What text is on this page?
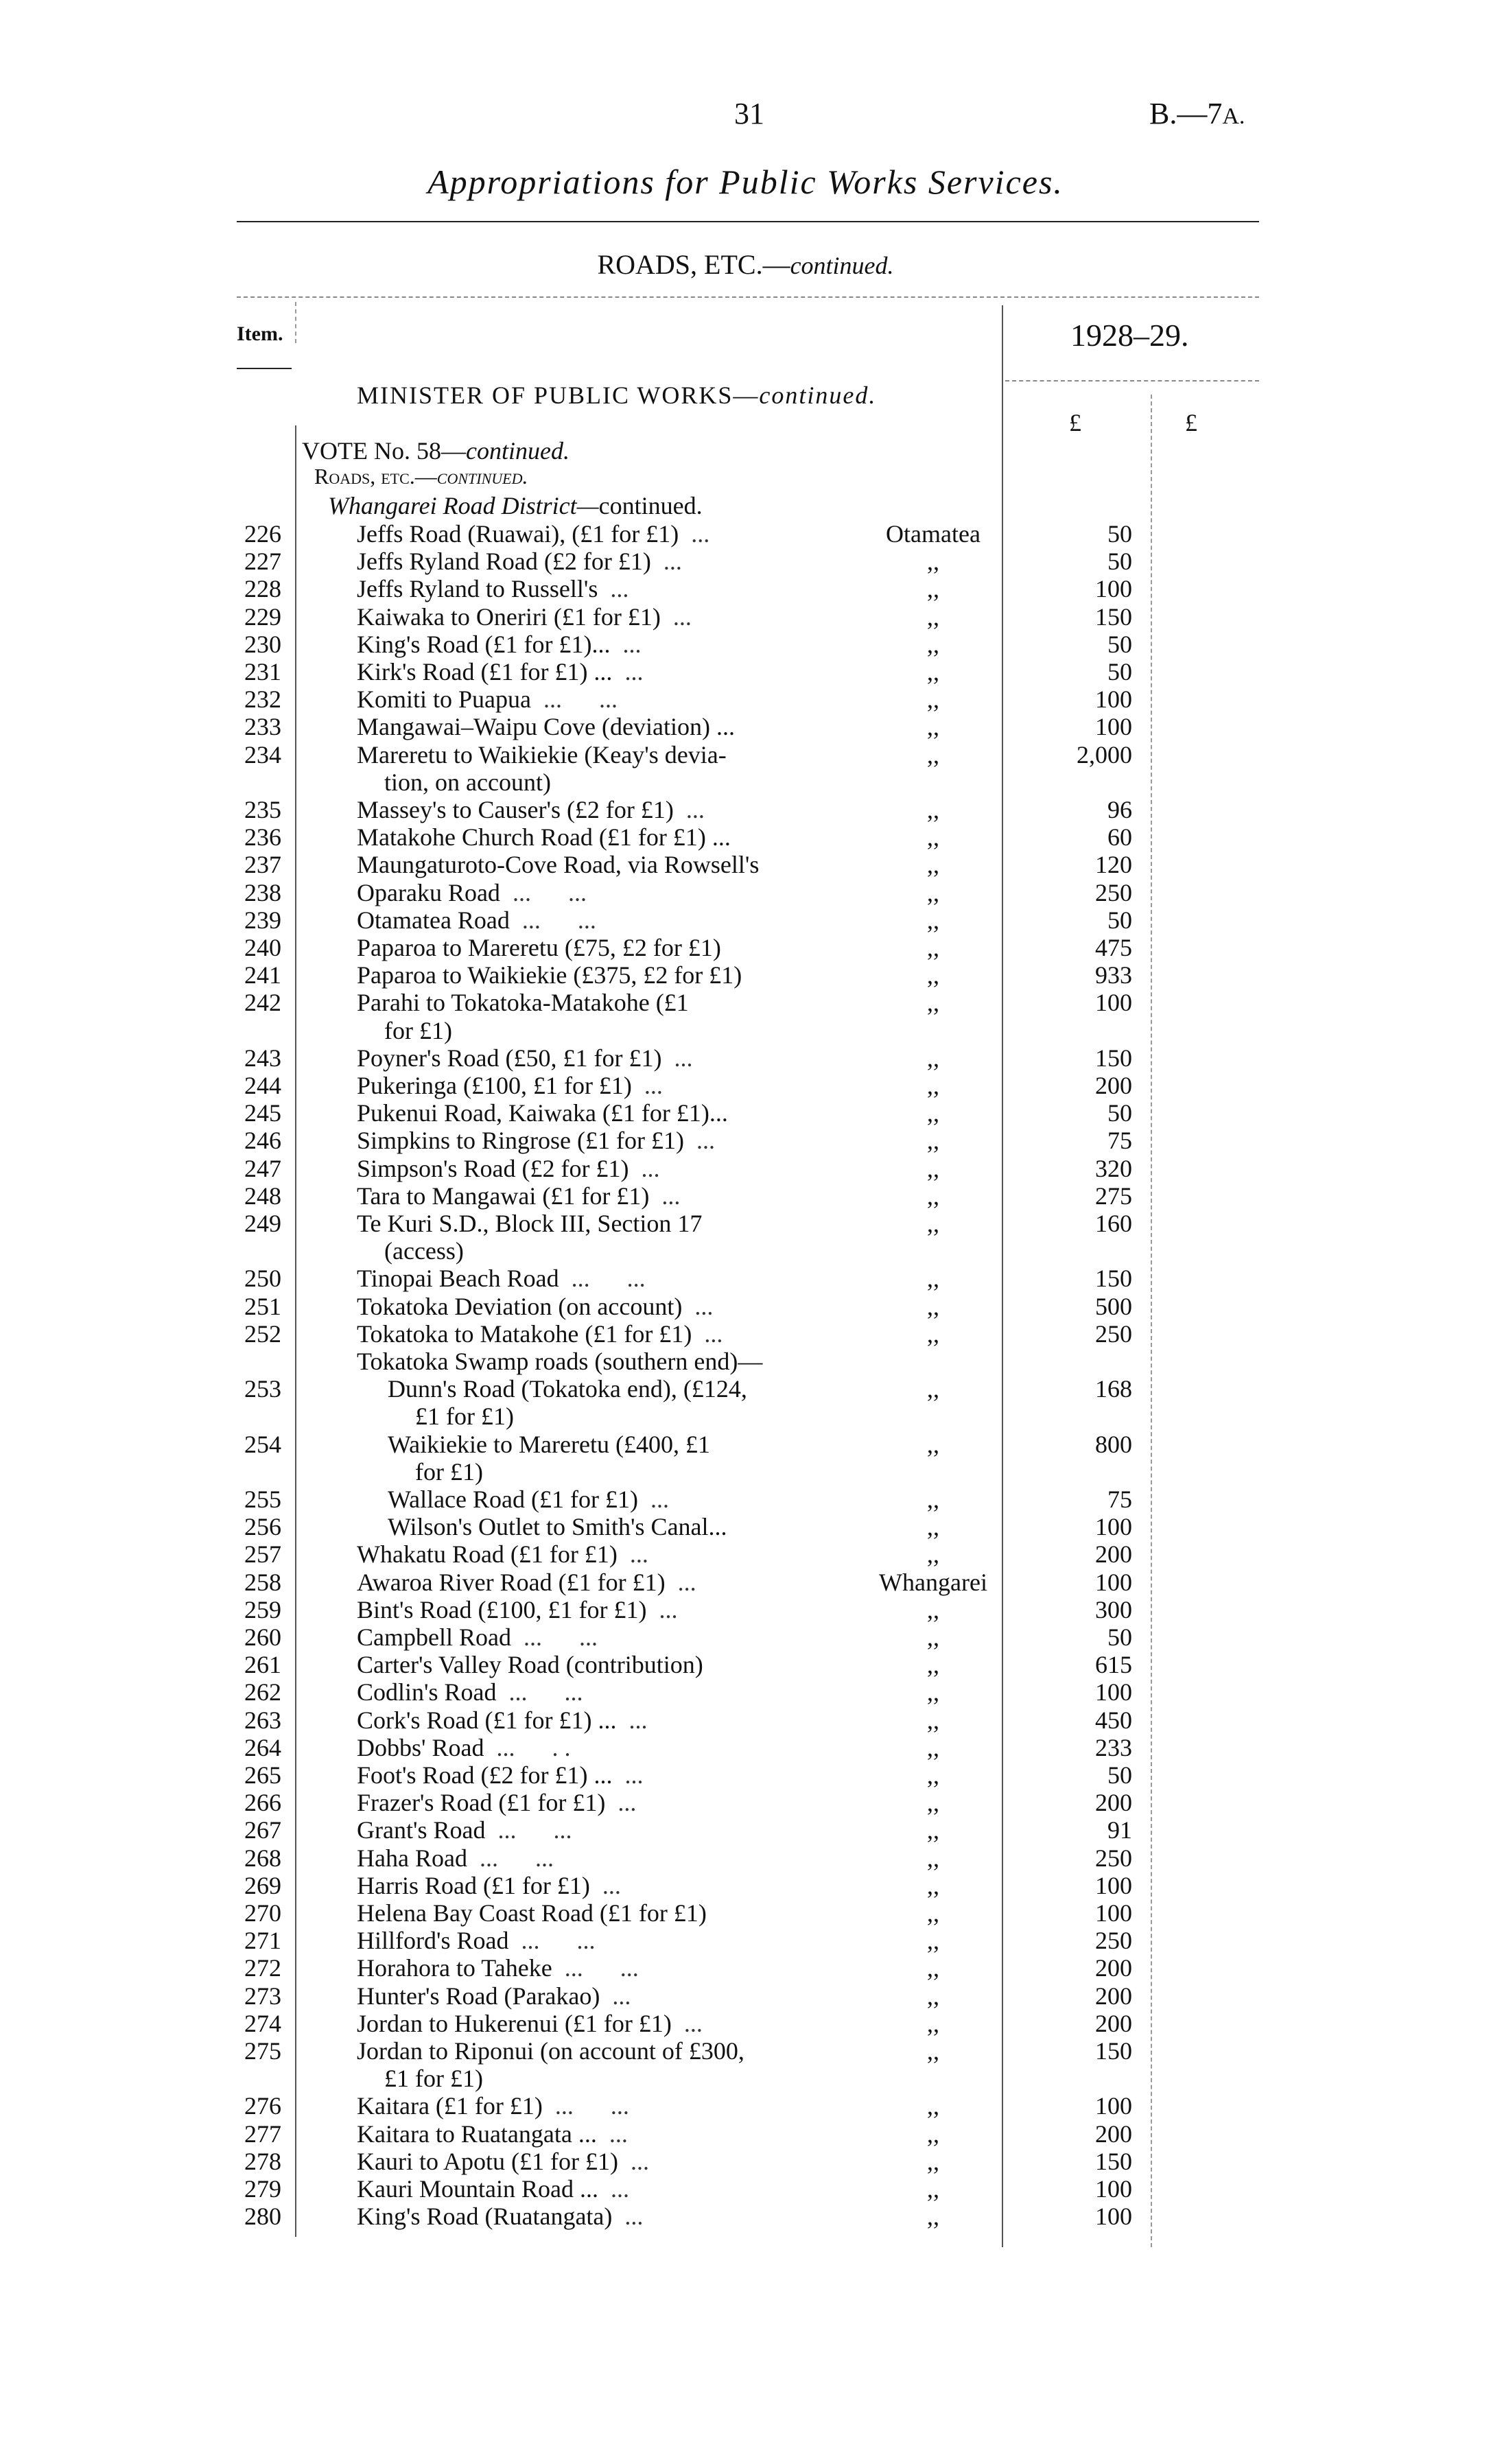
31	B.—7A.
Appropriations for Public Works Services.
ROADS, ETC.—continued.
Item.	1928–29.
£	£
MINISTER OF PUBLIC WORKS—continued.
VOTE No. 58—continued.
Roads, etc.—continued.
Whangarei Road District—continued.
226	Jeffs Road (Ruawai), (£1 for £1)  ...	Otamatea	50
227	Jeffs Ryland Road (£2 for £1)  ...	,,	50
228	Jeffs Ryland to Russell's  ...	,,	100
229	Kaiwaka to Oneriri (£1 for £1)  ...	,,	150
230	King's Road (£1 for £1)...  ...	,,	50
231	Kirk's Road (£1 for £1) ...  ...	,,	50
232	Komiti to Puapua  ...      ...	,,	100
233	Mangawai–Waipu Cove (deviation) ...	,,	100
234	Mareretu to Waikiekie (Keay's devia-	,,	2,000
tion, on account)
235	Massey's to Causer's (£2 for £1)  ...	,,	96
236	Matakohe Church Road (£1 for £1) ...	,,	60
237	Maungaturoto-Cove Road, via Rowsell's	,,	120
238	Oparaku Road  ...      ...	,,	250
239	Otamatea Road  ...      ...	,,	50
240	Paparoa to Mareretu (£75, £2 for £1)	,,	475
241	Paparoa to Waikiekie (£375, £2 for £1)	,,	933
242	Parahi to Tokatoka-Matakohe (£1	,,	100
for £1)
243	Poyner's Road (£50, £1 for £1)  ...	,,	150
244	Pukeringa (£100, £1 for £1)  ...	,,	200
245	Pukenui Road, Kaiwaka (£1 for £1)...	,,	50
246	Simpkins to Ringrose (£1 for £1)  ...	,,	75
247	Simpson's Road (£2 for £1)  ...	,,	320
248	Tara to Mangawai (£1 for £1)  ...	,,	275
249	Te Kuri S.D., Block III, Section 17	,,	160
(access)
250	Tinopai Beach Road  ...      ...	,,	150
251	Tokatoka Deviation (on account)  ...	,,	500
252	Tokatoka to Matakohe (£1 for £1)  ...	,,	250
Tokatoka Swamp roads (southern end)—
253	Dunn's Road (Tokatoka end), (£124,	,,	168
£1 for £1)
254	Waikiekie to Mareretu (£400, £1	,,	800
for £1)
255	Wallace Road (£1 for £1)  ...	,,	75
256	Wilson's Outlet to Smith's Canal...	,,	100
257	Whakatu Road (£1 for £1)  ...	,,	200
258	Awaroa River Road (£1 for £1)  ...	Whangarei	100
259	Bint's Road (£100, £1 for £1)  ...	,,	300
260	Campbell Road  ...      ...	,,	50
261	Carter's Valley Road (contribution)	,,	615
262	Codlin's Road  ...      ...	,,	100
263	Cork's Road (£1 for £1) ...  ...	,,	450
264	Dobbs' Road  ...      . .	,,	233
265	Foot's Road (£2 for £1) ...  ...	,,	50
266	Frazer's Road (£1 for £1)  ...	,,	200
267	Grant's Road  ...      ...	,,	91
268	Haha Road  ...      ...	,,	250
269	Harris Road (£1 for £1)  ...	,,	100
270	Helena Bay Coast Road (£1 for £1)	,,	100
271	Hillford's Road  ...      ...	,,	250
272	Horahora to Taheke  ...      ...	,,	200
273	Hunter's Road (Parakao)  ...	,,	200
274	Jordan to Hukerenui (£1 for £1)  ...	,,	200
275	Jordan to Riponui (on account of £300,	,,	150
£1 for £1)
276	Kaitara (£1 for £1)  ...      ...	,,	100
277	Kaitara to Ruatangata ...  ...	,,	200
278	Kauri to Apotu (£1 for £1)  ...	,,	150
279	Kauri Mountain Road ...  ...	,,	100
280	King's Road (Ruatangata)  ...	,,	100
